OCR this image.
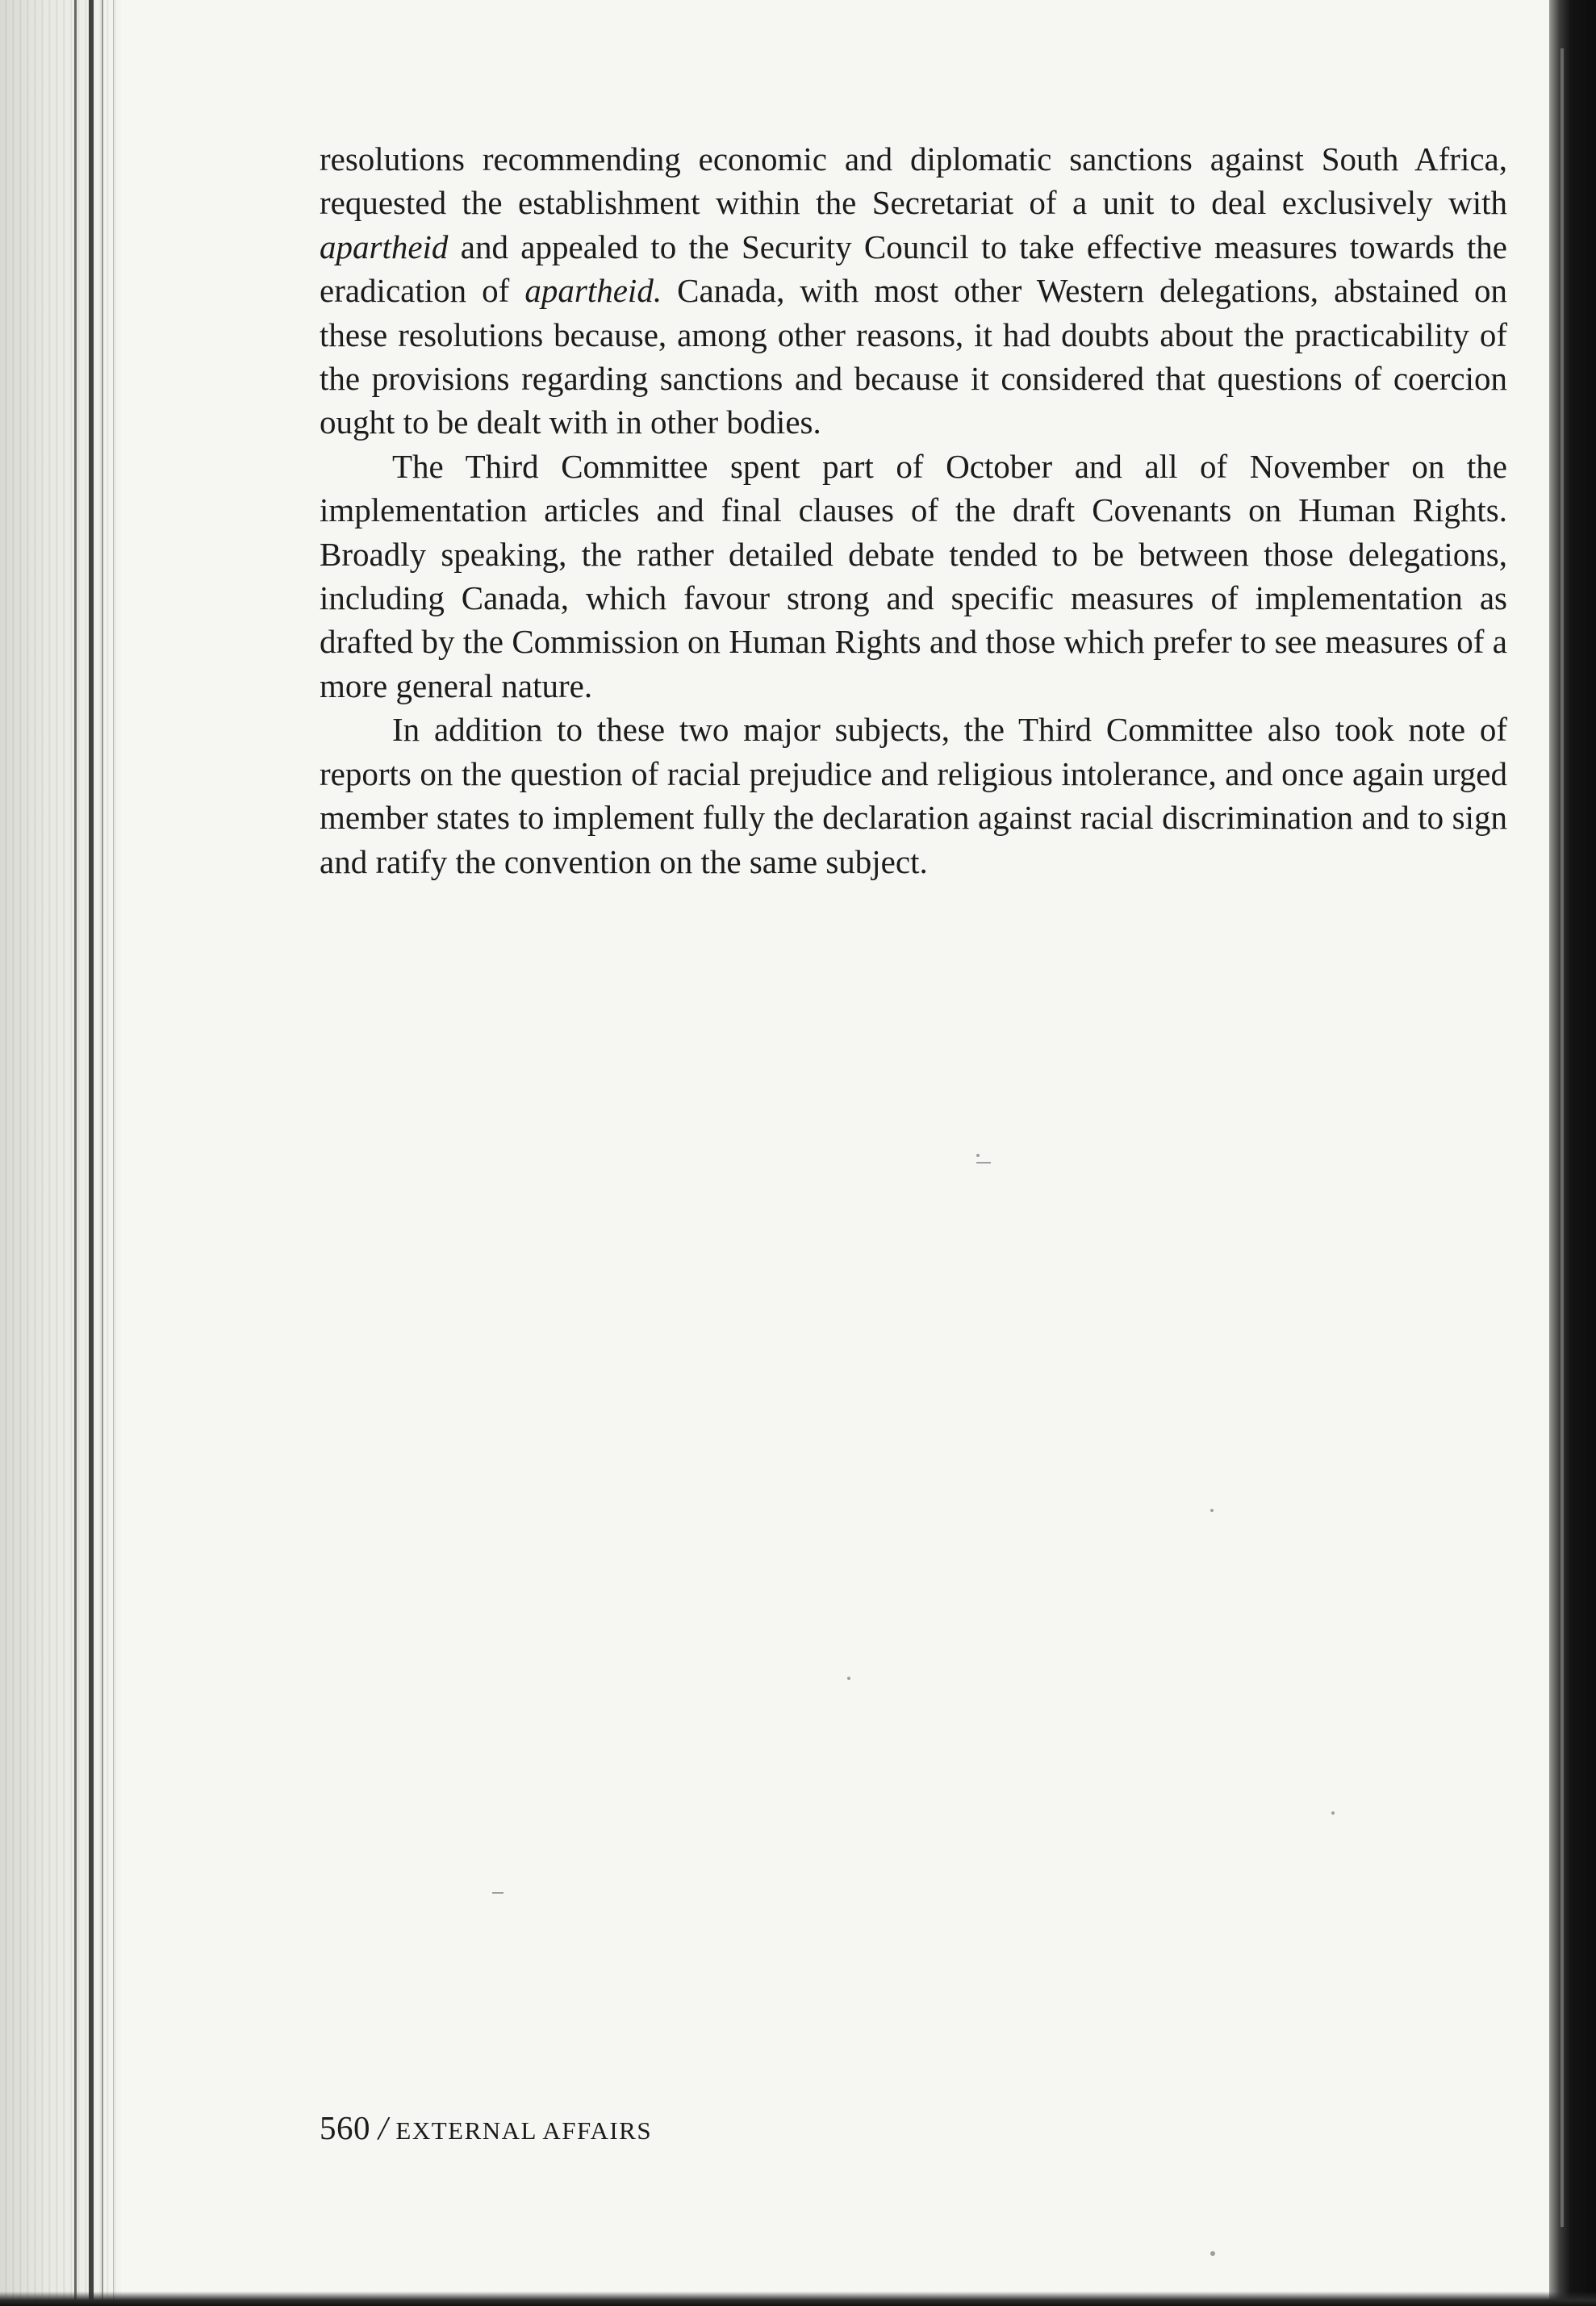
resolutions recommending economic and diplomatic sanctions against South Africa, requested the establishment within the Secretariat of a unit to deal exclusively with apartheid and appealed to the Security Council to take effective measures towards the eradication of apartheid. Canada, with most other Western delegations, abstained on these resolutions because, among other reasons, it had doubts about the practicability of the provisions regarding sanctions and because it considered that questions of coercion ought to be dealt with in other bodies.

The Third Committee spent part of October and all of November on the implementation articles and final clauses of the draft Covenants on Human Rights. Broadly speaking, the rather detailed debate tended to be between those delegations, including Canada, which favour strong and specific measures of implementation as drafted by the Commission on Human Rights and those which prefer to see measures of a more general nature.

In addition to these two major subjects, the Third Committee also took note of reports on the question of racial prejudice and religious intolerance, and once again urged member states to implement fully the declaration against racial discrimination and to sign and ratify the convention on the same subject.

560 / EXTERNAL AFFAIRS
